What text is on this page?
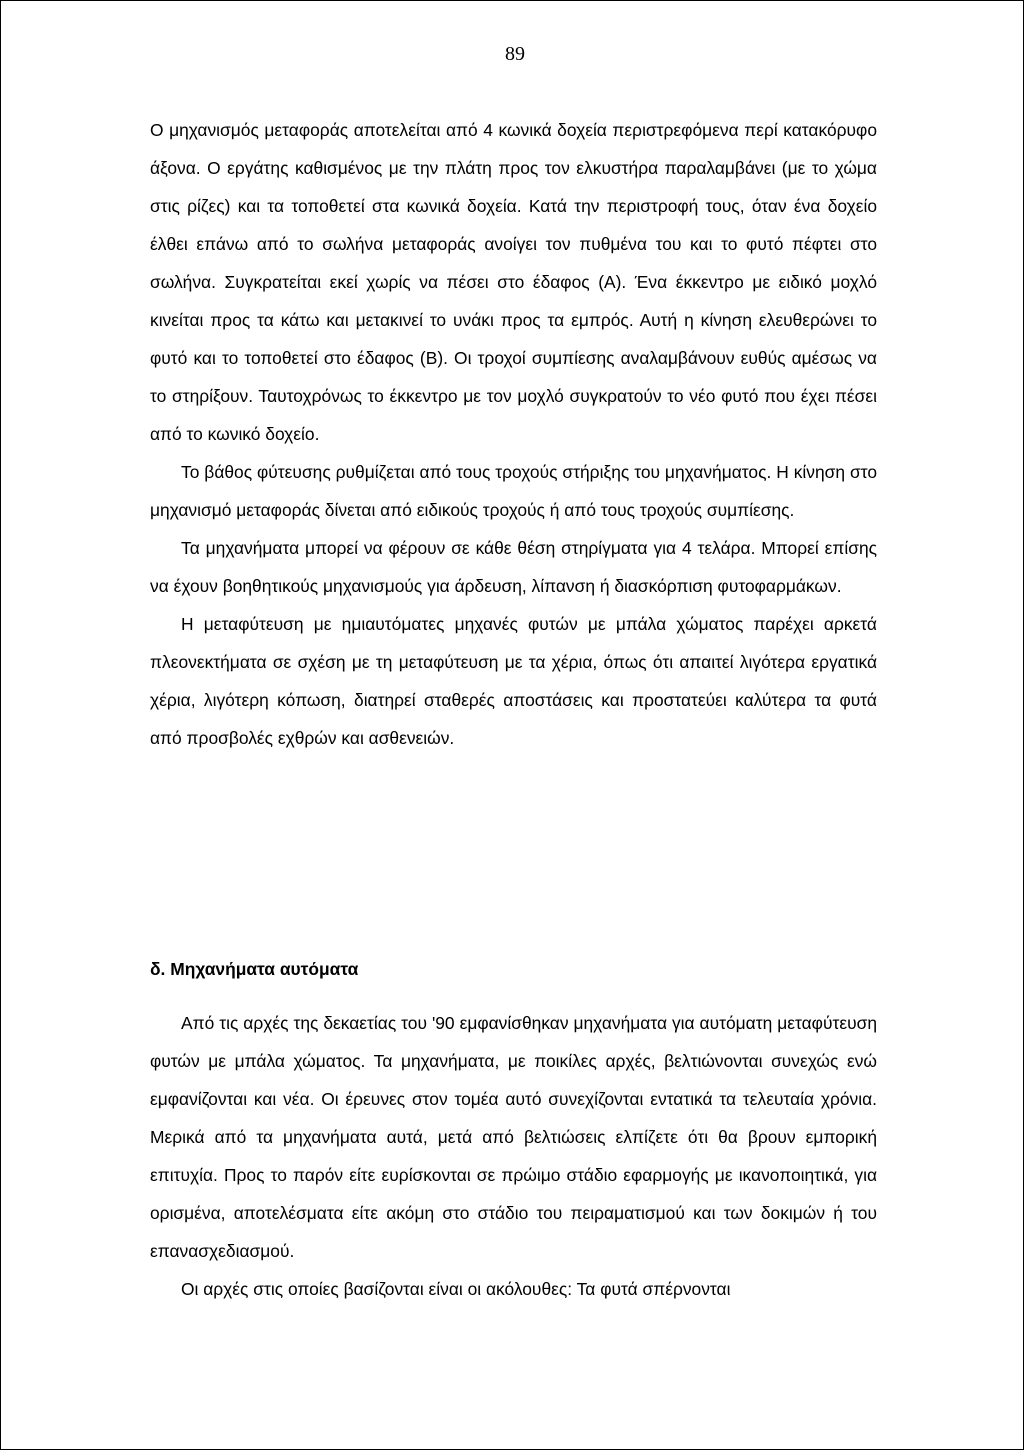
89

Ο μηχανισμός μεταφοράς αποτελείται από 4 κωνικά δοχεία περιστρεφόμενα περί κατακόρυφο άξονα. Ο εργάτης καθισμένος με την πλάτη προς τον ελκυστήρα παραλαμβάνει (με το χώμα στις ρίζες) και τα τοποθετεί στα κωνικά δοχεία. Κατά την περιστροφή τους, όταν ένα δοχείο έλθει επάνω από το σωλήνα μεταφοράς ανοίγει τον πυθμένα του και το φυτό πέφτει στο σωλήνα. Συγκρατείται εκεί χωρίς να πέσει στο έδαφος (Α). Ένα έκκεντρο με ειδικό μοχλό κινείται προς τα κάτω και μετακινεί το υνάκι προς τα εμπρός. Αυτή η κίνηση ελευθερώνει το φυτό και το τοποθετεί στο έδαφος (Β). Οι τροχοί συμπίεσης αναλαμβάνουν ευθύς αμέσως να το στηρίξουν. Ταυτοχρόνως το έκκεντρο με τον μοχλό συγκρατούν το νέο φυτό που έχει πέσει από το κωνικό δοχείο.

Το βάθος φύτευσης ρυθμίζεται από τους τροχούς στήριξης του μηχανήματος. Η κίνηση στο μηχανισμό μεταφοράς δίνεται από ειδικούς τροχούς ή από τους τροχούς συμπίεσης.

Τα μηχανήματα μπορεί να φέρουν σε κάθε θέση στηρίγματα για 4 τελάρα. Μπορεί επίσης να έχουν βοηθητικούς μηχανισμούς για άρδευση, λίπανση ή διασκόρπιση φυτοφαρμάκων.

Η μεταφύτευση με ημιαυτόματες μηχανές φυτών με μπάλα χώματος παρέχει αρκετά πλεονεκτήματα σε σχέση με τη μεταφύτευση με τα χέρια, όπως ότι απαιτεί λιγότερα εργατικά χέρια, λιγότερη κόπωση, διατηρεί σταθερές αποστάσεις και προστατεύει καλύτερα τα φυτά από προσβολές εχθρών και ασθενειών.

δ. Μηχανήματα αυτόματα

Από τις αρχές της δεκαετίας του '90 εμφανίσθηκαν μηχανήματα για αυτόματη μεταφύτευση φυτών με μπάλα χώματος. Τα μηχανήματα, με ποικίλες αρχές, βελτιώνονται συνεχώς ενώ εμφανίζονται και νέα. Οι έρευνες στον τομέα αυτό συνεχίζονται εντατικά τα τελευταία χρόνια. Μερικά από τα μηχανήματα αυτά, μετά από βελτιώσεις ελπίζετε ότι θα βρουν εμπορική επιτυχία. Προς το παρόν είτε ευρίσκονται σε πρώιμο στάδιο εφαρμογής με ικανοποιητικά, για ορισμένα, αποτελέσματα είτε ακόμη στο στάδιο του πειραματισμού και των δοκιμών ή του επανασχεδιασμού.

Οι αρχές στις οποίες βασίζονται είναι οι ακόλουθες: Τα φυτά σπέρνονται
